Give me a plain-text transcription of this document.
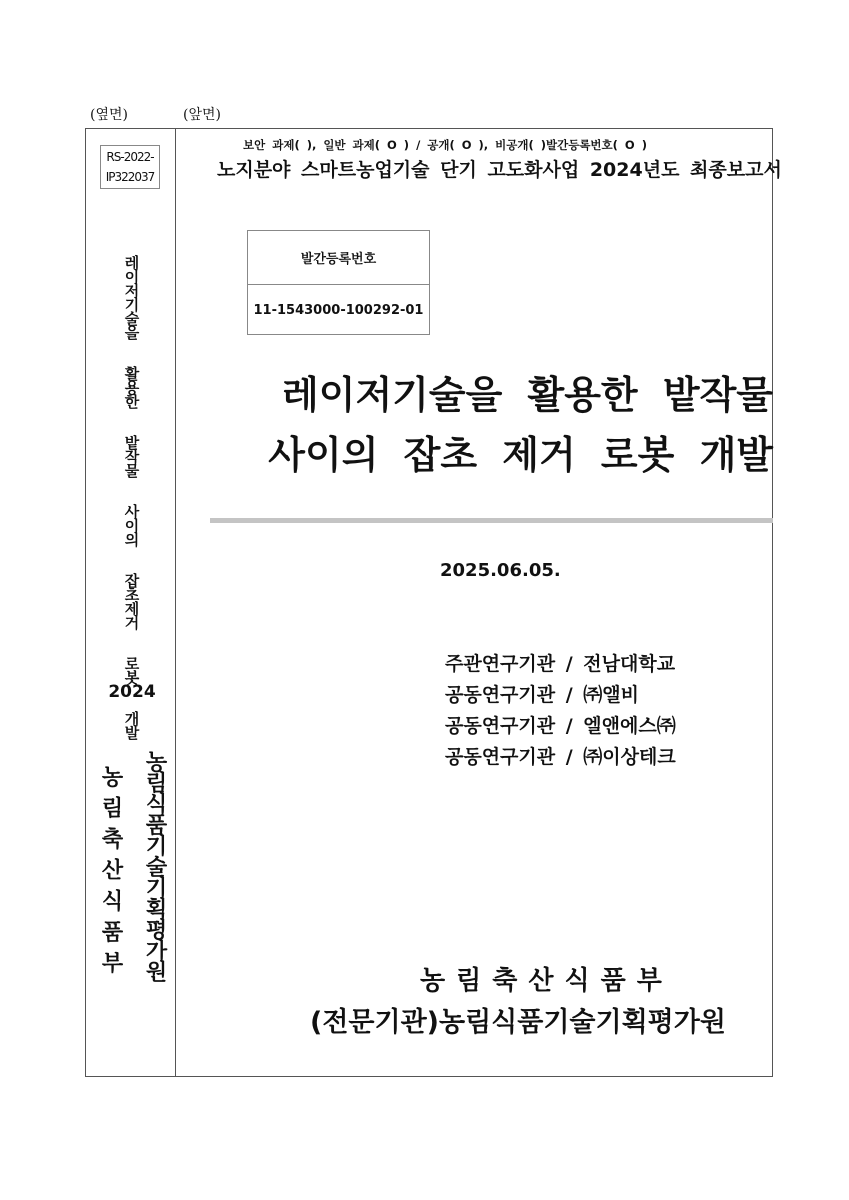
(옆면)	(앞면)
RS-2022-
IP322037
레이저기술을
활용한
밭작물
사이의
잡초제거
로봇
개발
2024
농림식품기술기획평가원
농림축산식품부
보안 과제( ), 일반 과제( O ) / 공개( O ), 비공개( )발간등록번호( O )
노지분야 스마트농업기술 단기 고도화사업 2024년도 최종보고서
발간등록번호
11-1543000-100292-01
레이저기술을 활용한 밭작물
사이의 잡초 제거 로봇 개발
2025.06.05.
주관연구기관 / 전남대학교
공동연구기관 / ㈜앨비
공동연구기관 / 엘앤에스㈜
공동연구기관 / ㈜이상테크
농림축산식품부
(전문기관)농림식품기술기획평가원
